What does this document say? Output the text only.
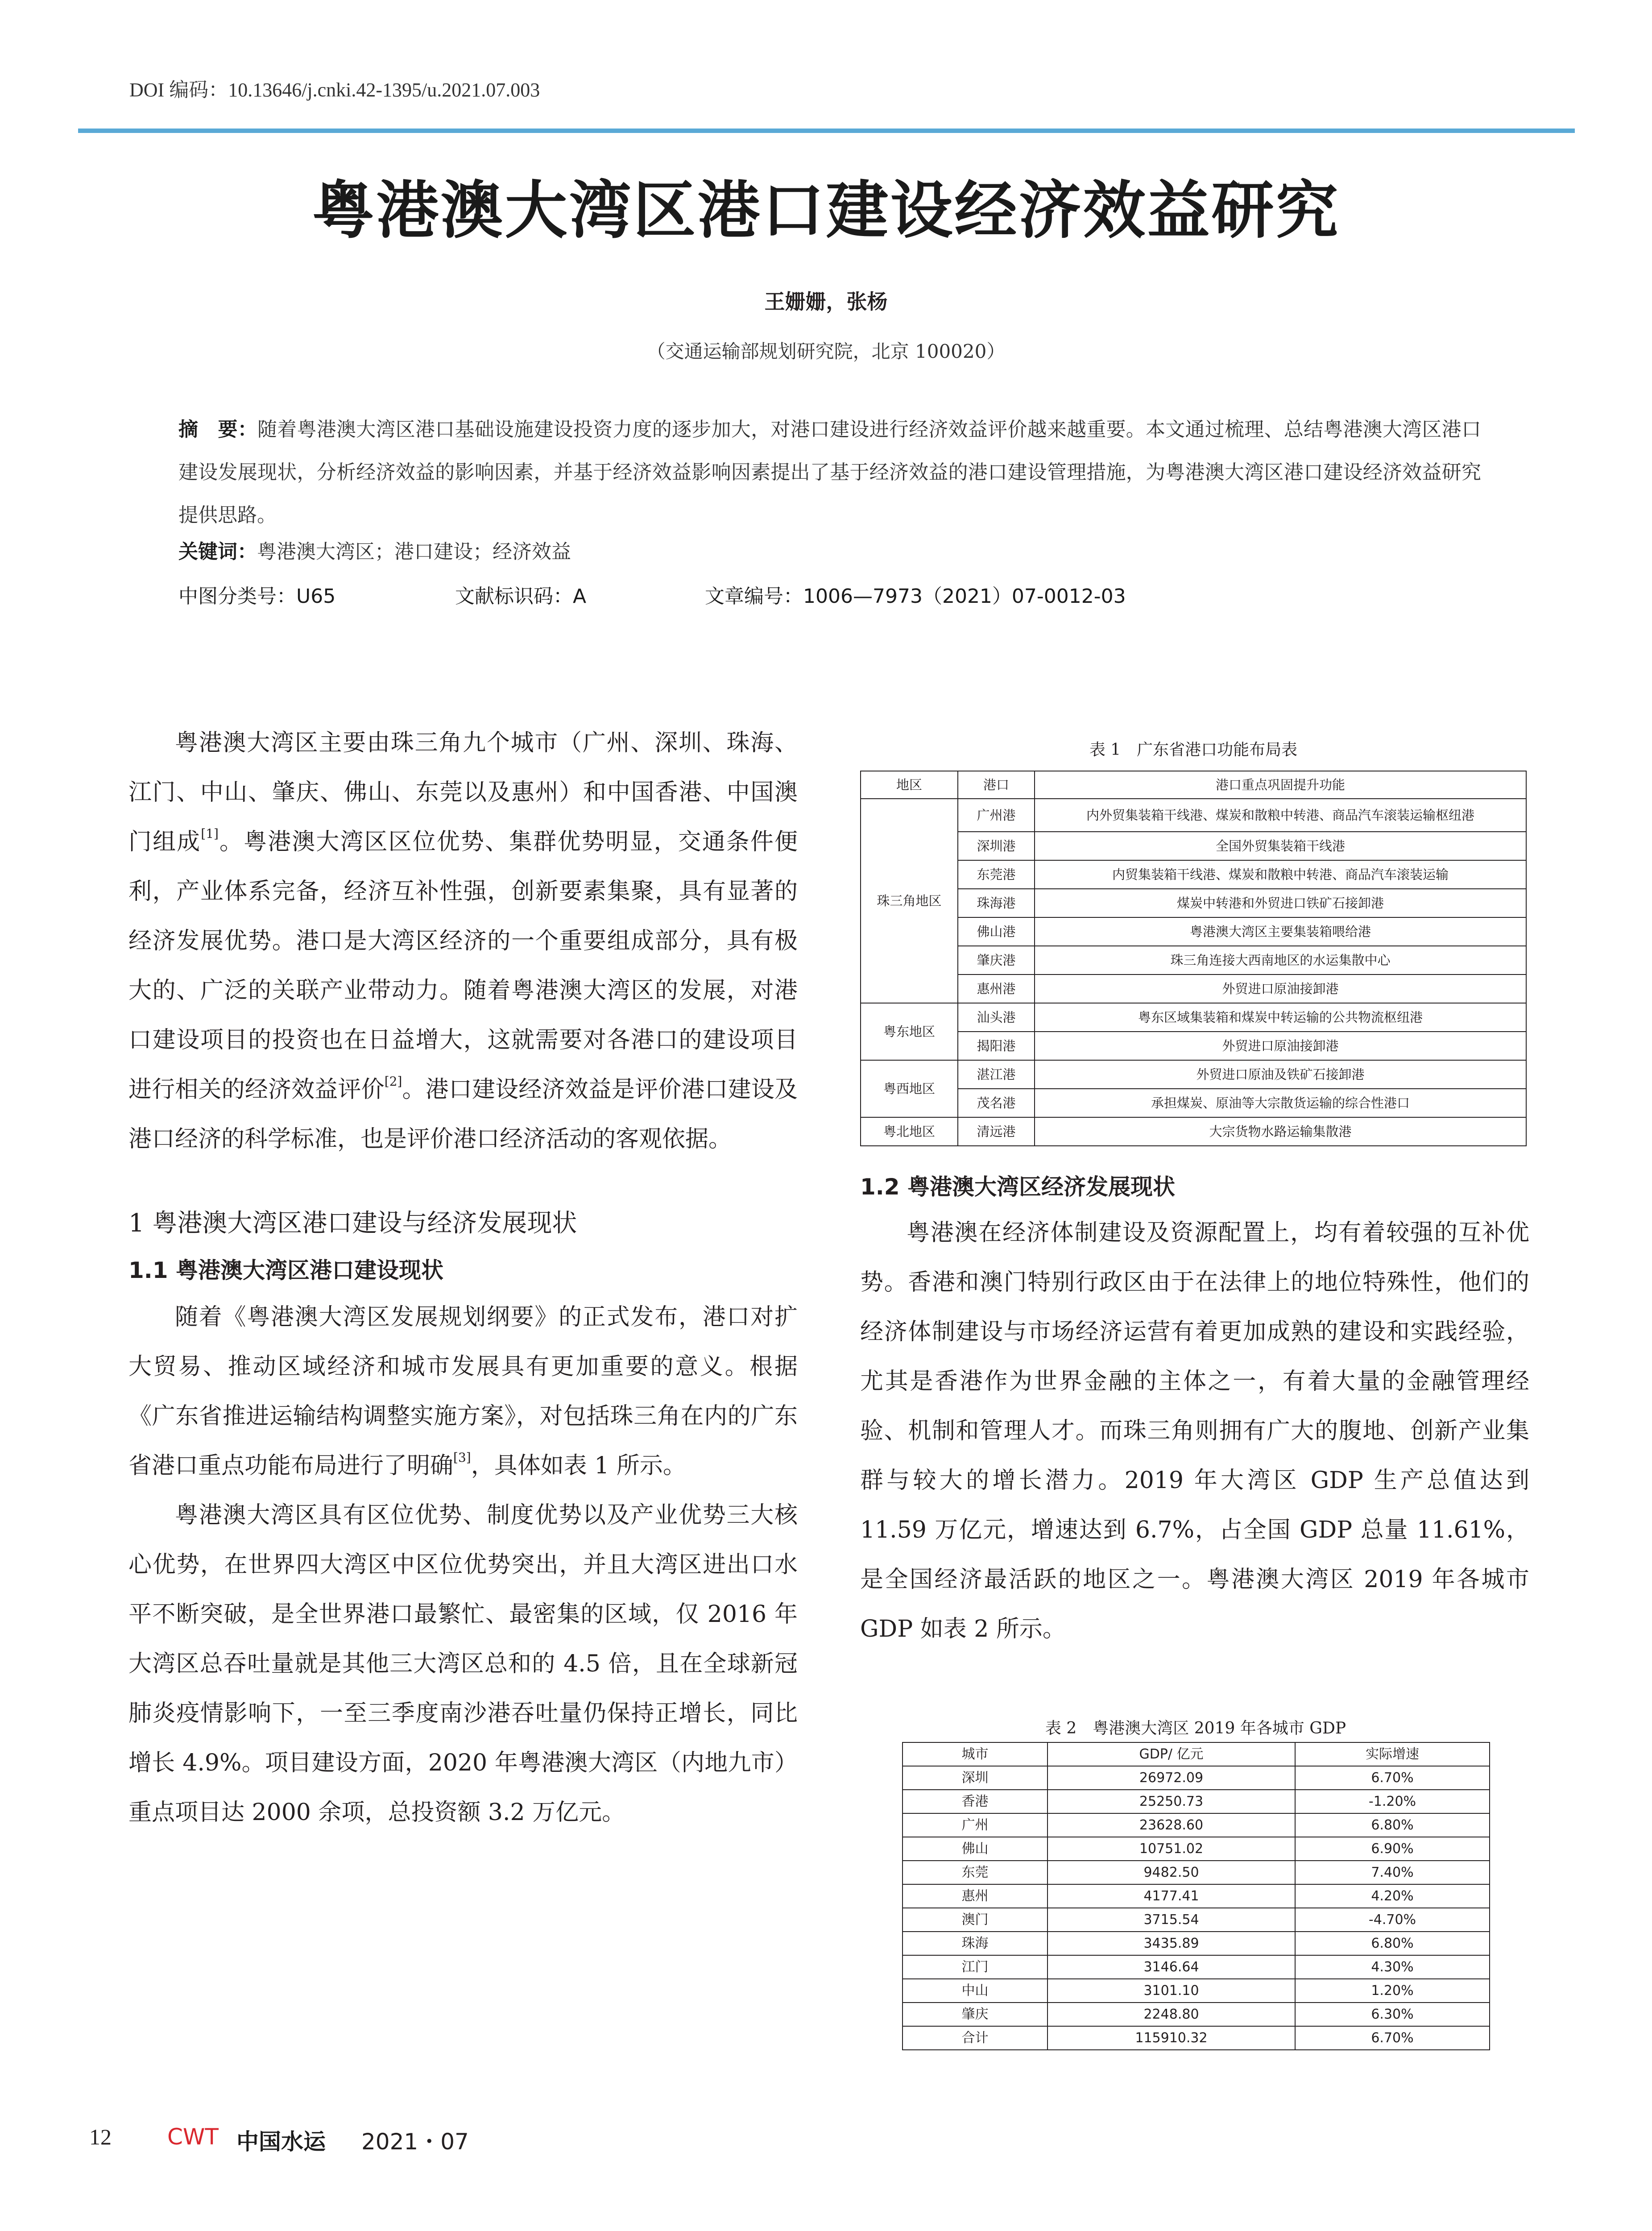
DOI 编码：10.13646/j.cnki.42-1395/u.2021.07.003
粤港澳大湾区港口建设经济效益研究
王姗姗，张杨
（交通运输部规划研究院，北京 100020）
摘　要：随着粤港澳大湾区港口基础设施建设投资力度的逐步加大，对港口建设进行经济效益评价越来越重要。本文通过梳理、总结粤港澳大湾区港口建设发展现状，分析经济效益的影响因素，并基于经济效益影响因素提出了基于经济效益的港口建设管理措施，为粤港澳大湾区港口建设经济效益研究提供思路。
关键词：粤港澳大湾区；港口建设；经济效益
中图分类号：U65	文献标识码：A	文章编号：1006—7973（2021）07-0012-03

粤港澳大湾区主要由珠三角九个城市（广州、深圳、珠海、江门、中山、肇庆、佛山、东莞以及惠州）和中国香港、中国澳门组成[1]。粤港澳大湾区区位优势、集群优势明显，交通条件便利，产业体系完备，经济互补性强，创新要素集聚，具有显著的经济发展优势。港口是大湾区经济的一个重要组成部分，具有极大的、广泛的关联产业带动力。随着粤港澳大湾区的发展，对港口建设项目的投资也在日益增大，这就需要对各港口的建设项目进行相关的经济效益评价[2]。港口建设经济效益是评价港口建设及港口经济的科学标准，也是评价港口经济活动的客观依据。

1 粤港澳大湾区港口建设与经济发展现状
1.1 粤港澳大湾区港口建设现状

随着《粤港澳大湾区发展规划纲要》的正式发布，港口对扩大贸易、推动区域经济和城市发展具有更加重要的意义。根据《广东省推进运输结构调整实施方案》，对包括珠三角在内的广东省港口重点功能布局进行了明确[3]，具体如表 1 所示。

粤港澳大湾区具有区位优势、制度优势以及产业优势三大核心优势，在世界四大湾区中区位优势突出，并且大湾区进出口水平不断突破，是全世界港口最繁忙、最密集的区域，仅 2016 年大湾区总吞吐量就是其他三大湾区总和的 4.5 倍，且在全球新冠肺炎疫情影响下，一至三季度南沙港吞吐量仍保持正增长，同比增长 4.9%。项目建设方面，2020 年粤港澳大湾区（内地九市）重点项目达 2000 余项，总投资额 3.2 万亿元。

表 1　广东省港口功能布局表
地区	港口	港口重点巩固提升功能
珠三角地区	广州港	内外贸集装箱干线港、煤炭和散粮中转港、商品汽车滚装运输枢纽港
	深圳港	全国外贸集装箱干线港
	东莞港	内贸集装箱干线港、煤炭和散粮中转港、商品汽车滚装运输
	珠海港	煤炭中转港和外贸进口铁矿石接卸港
	佛山港	粤港澳大湾区主要集装箱喂给港
	肇庆港	珠三角连接大西南地区的水运集散中心
	惠州港	外贸进口原油接卸港
粤东地区	汕头港	粤东区域集装箱和煤炭中转运输的公共物流枢纽港
	揭阳港	外贸进口原油接卸港
粤西地区	湛江港	外贸进口原油及铁矿石接卸港
	茂名港	承担煤炭、原油等大宗散货运输的综合性港口
粤北地区	清远港	大宗货物水路运输集散港
1.2 粤港澳大湾区经济发展现状

粤港澳在经济体制建设及资源配置上，均有着较强的互补优势。香港和澳门特别行政区由于在法律上的地位特殊性，他们的经济体制建设与市场经济运营有着更加成熟的建设和实践经验，尤其是香港作为世界金融的主体之一，有着大量的金融管理经验、机制和管理人才。而珠三角则拥有广大的腹地、创新产业集群与较大的增长潜力。2019 年大湾区 GDP 生产总值达到 11.59 万亿元，增速达到 6.7%，占全国 GDP 总量 11.61%，是全国经济最活跃的地区之一。粤港澳大湾区 2019 年各城市 GDP 如表 2 所示。

表 2　粤港澳大湾区 2019 年各城市 GDP
城市	GDP/ 亿元	实际增速
深圳	26972.09	6.70%
香港	25250.73	-1.20%
广州	23628.60	6.80%
佛山	10751.02	6.90%
东莞	9482.50	7.40%
惠州	4177.41	4.20%
澳门	3715.54	-4.70%
珠海	3435.89	6.80%
江门	3146.64	4.30%
中山	3101.10	1.20%
肇庆	2248.80	6.30%
合计	115910.32	6.70%
12	CWT 中国水运 2021・07
